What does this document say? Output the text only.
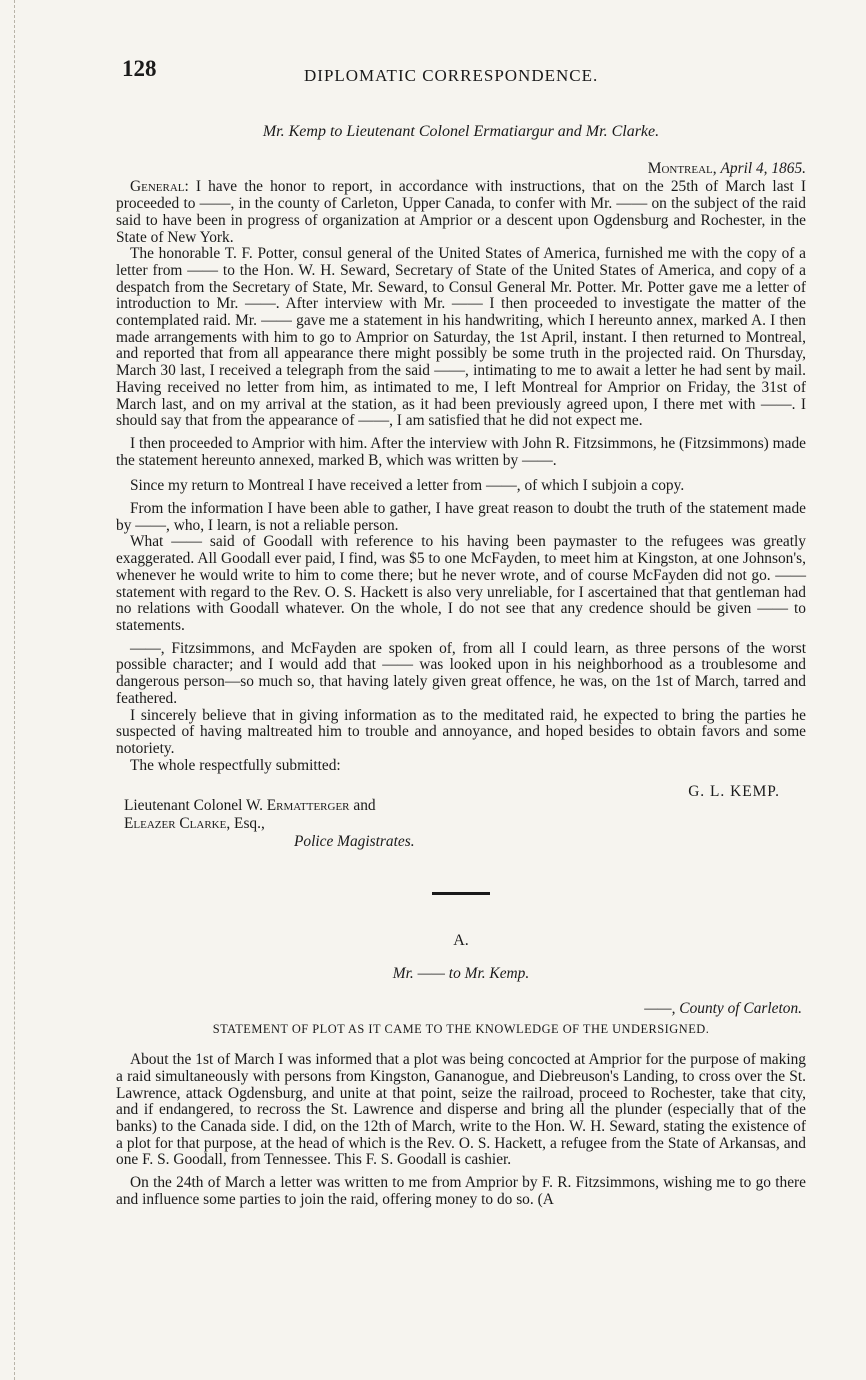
128	DIPLOMATIC CORRESPONDENCE.

Mr. Kemp to Lieutenant Colonel Ermatiargur and Mr. Clarke.

Montreal, April 4, 1865.

General: I have the honor to report, in accordance with instructions, that on the 25th of March last I proceeded to ——, in the county of Carleton, Upper Canada, to confer with Mr. —— on the subject of the raid said to have been in progress of organization at Amprior or a descent upon Ogdensburg and Rochester, in the State of New York.

The honorable T. F. Potter, consul general of the United States of America, furnished me with the copy of a letter from —— to the Hon. W. H. Seward, Secretary of State of the United States of America, and copy of a despatch from the Secretary of State, Mr. Seward, to Consul General Mr. Potter. Mr. Potter gave me a letter of introduction to Mr. ——. After interview with Mr. —— I then proceeded to investigate the matter of the contemplated raid. Mr. —— gave me a statement in his handwriting, which I hereunto annex, marked A. I then made arrangements with him to go to Amprior on Saturday, the 1st April, instant. I then returned to Montreal, and reported that from all appearance there might possibly be some truth in the projected raid. On Thursday, March 30 last, I received a telegraph from the said ——, intimating to me to await a letter he had sent by mail. Having received no letter from him, as intimated to me, I left Montreal for Amprior on Friday, the 31st of March last, and on my arrival at the station, as it had been previously agreed upon, I there met with ——. I should say that from the appearance of ——, I am satisfied that he did not expect me.

I then proceeded to Amprior with him. After the interview with John R. Fitzsimmons, he (Fitzsimmons) made the statement hereunto annexed, marked B, which was written by ——.

Since my return to Montreal I have received a letter from ——, of which I subjoin a copy.

From the information I have been able to gather, I have great reason to doubt the truth of the statement made by ——, who, I learn, is not a reliable person.

What —— said of Goodall with reference to his having been paymaster to the refugees was greatly exaggerated. All Goodall ever paid, I find, was $5 to one McFayden, to meet him at Kingston, at one Johnson's, whenever he would write to him to come there; but he never wrote, and of course McFayden did not go. —— statement with regard to the Rev. O. S. Hackett is also very unreliable, for I ascertained that that gentleman had no relations with Goodall whatever. On the whole, I do not see that any credence should be given —— to statements.

——, Fitzsimmons, and McFayden are spoken of, from all I could learn, as three persons of the worst possible character; and I would add that —— was looked upon in his neighborhood as a troublesome and dangerous person—so much so, that having lately given great offence, he was, on the 1st of March, tarred and feathered.

I sincerely believe that in giving information as to the meditated raid, he expected to bring the parties he suspected of having maltreated him to trouble and annoyance, and hoped besides to obtain favors and some notoriety.

The whole respectfully submitted:

G. L. KEMP.

Lieutenant Colonel W. Ermatterger and

Eleazer Clarke, Esq.,

Police Magistrates.

A.

Mr. —— to Mr. Kemp.

——, County of Carleton.

STATEMENT OF PLOT AS IT CAME TO THE KNOWLEDGE OF THE UNDERSIGNED.

About the 1st of March I was informed that a plot was being concocted at Amprior for the purpose of making a raid simultaneously with persons from Kingston, Gananogue, and Diebreuson's Landing, to cross over the St. Lawrence, attack Ogdensburg, and unite at that point, seize the railroad, proceed to Rochester, take that city, and if endangered, to recross the St. Lawrence and disperse and bring all the plunder (especially that of the banks) to the Canada side. I did, on the 12th of March, write to the Hon. W. H. Seward, stating the existence of a plot for that purpose, at the head of which is the Rev. O. S. Hackett, a refugee from the State of Arkansas, and one F. S. Goodall, from Tennessee. This F. S. Goodall is cashier.

On the 24th of March a letter was written to me from Amprior by F. R. Fitzsimmons, wishing me to go there and influence some parties to join the raid, offering money to do so. (A
